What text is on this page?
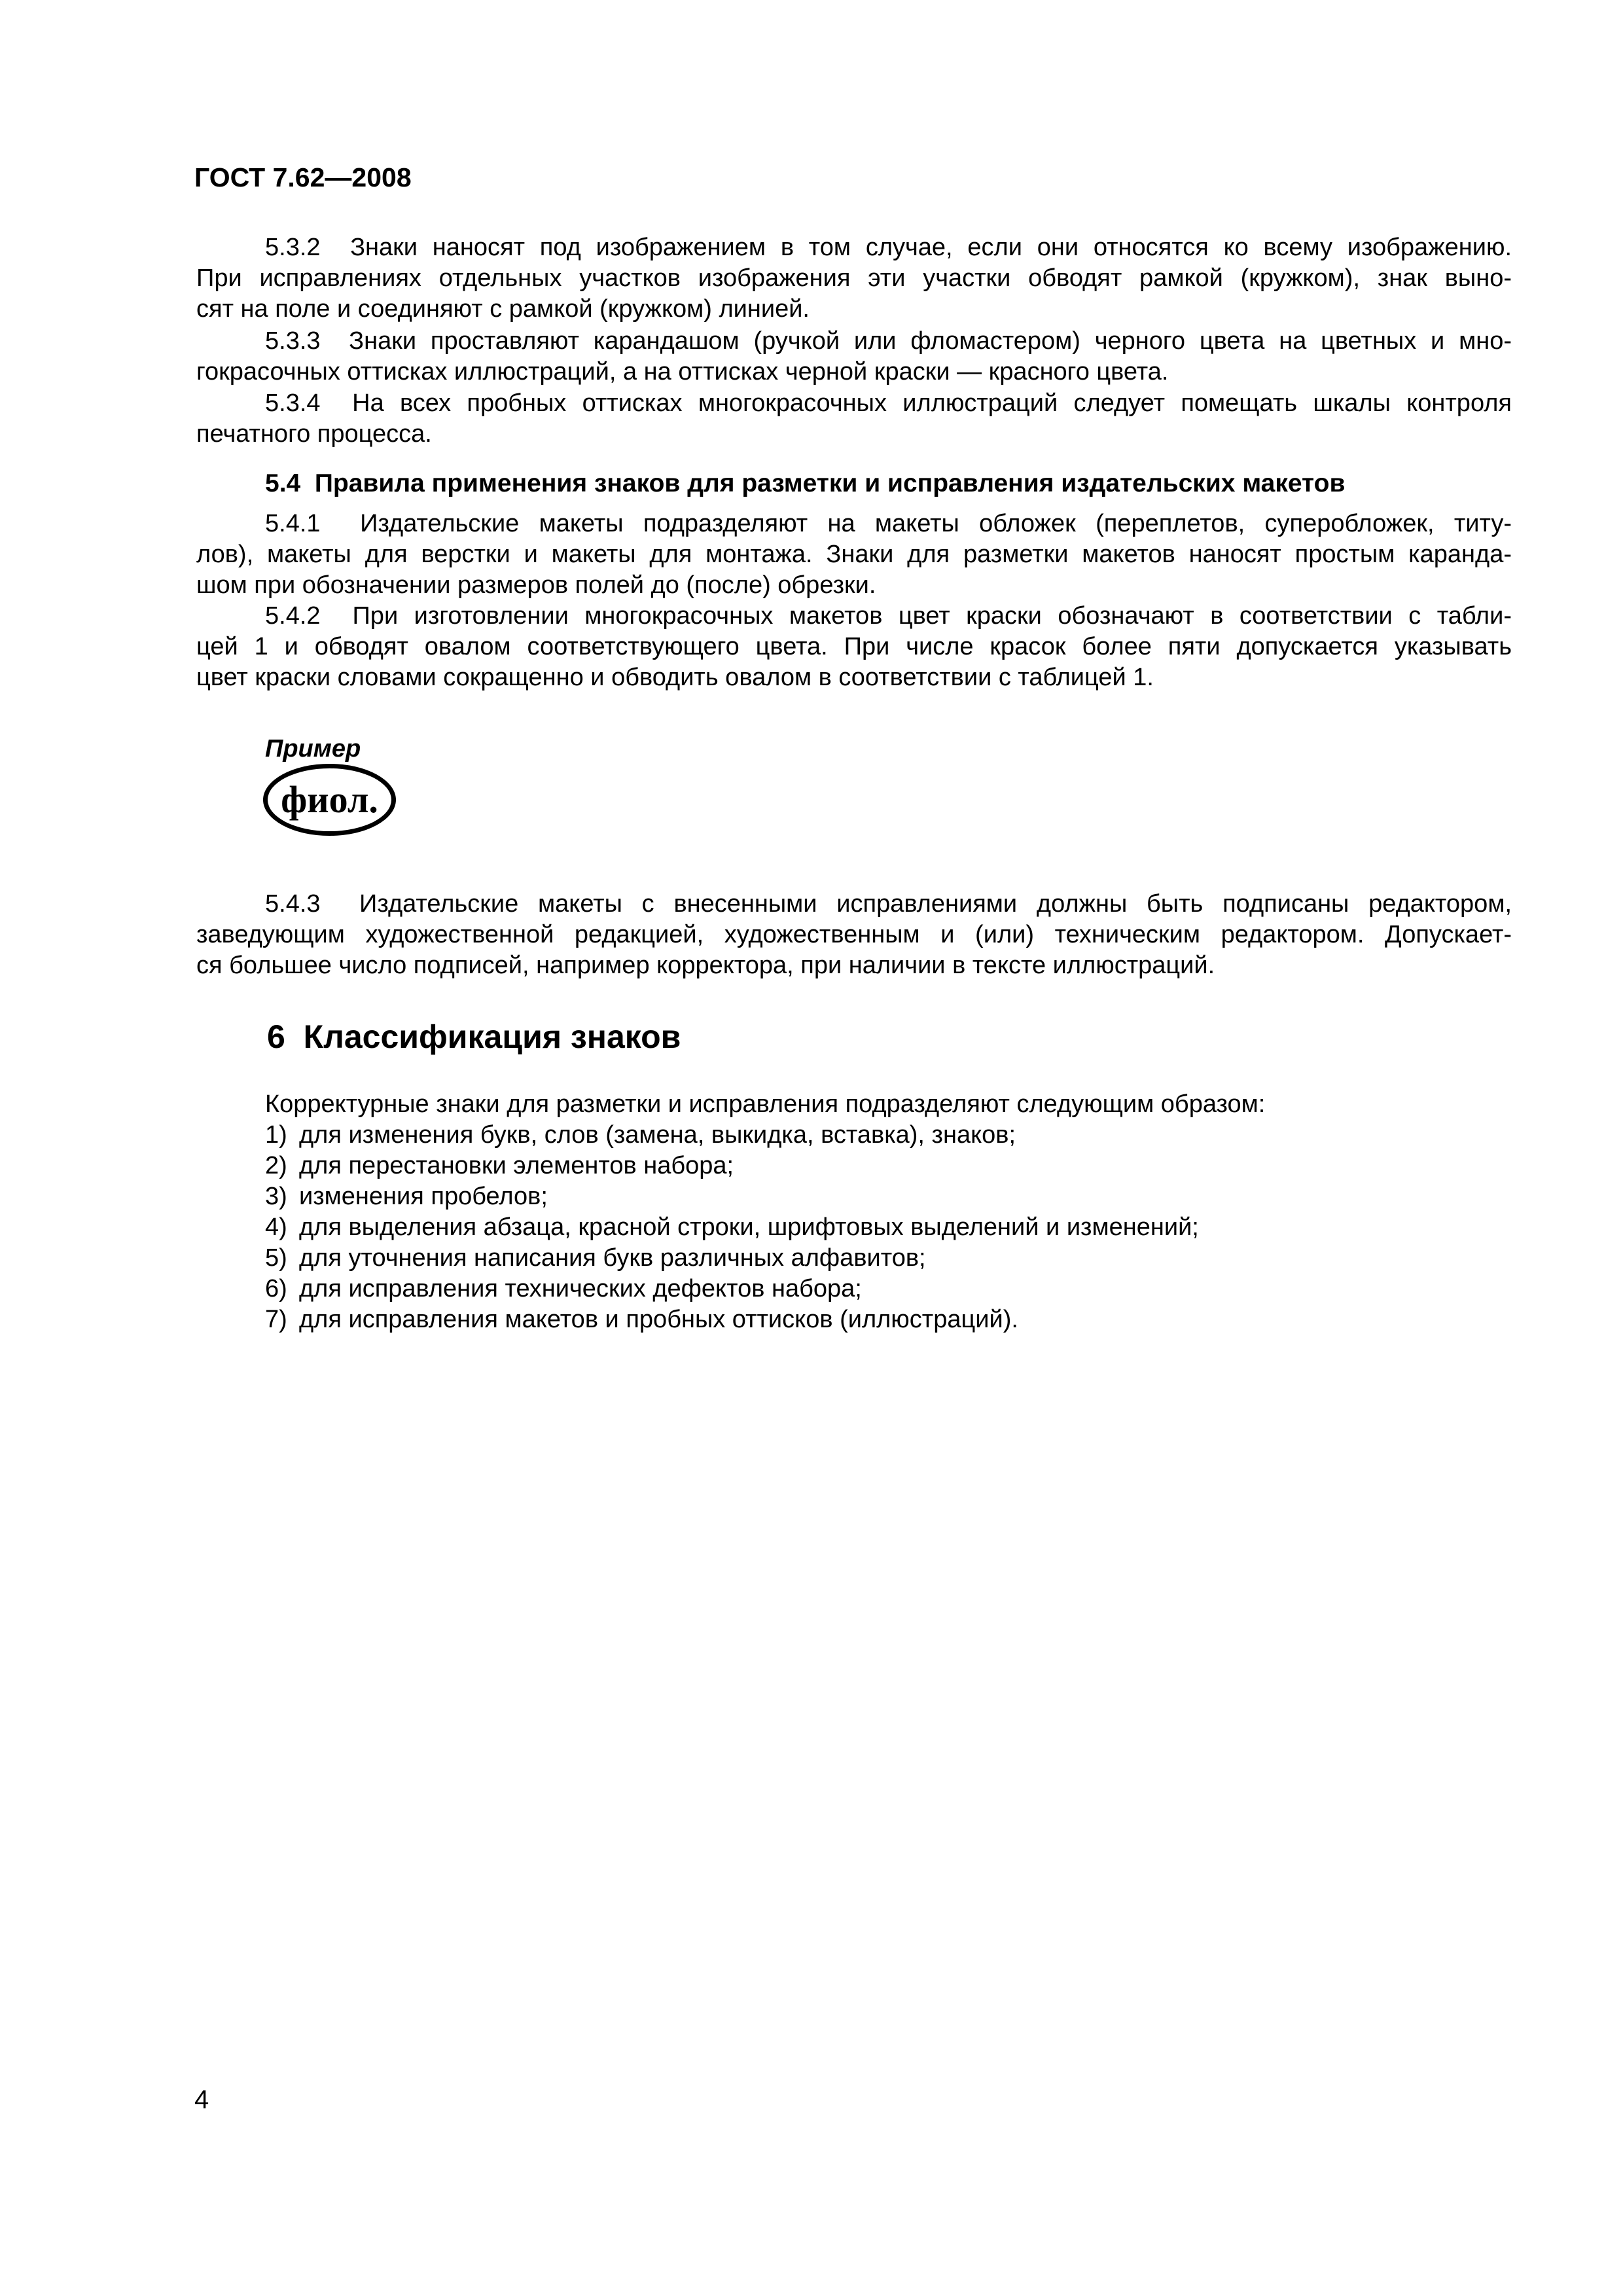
ГОСТ 7.62—2008
5.3.2  Знаки наносят под изображением в том случае, если они относятся ко всему изображению.
При исправлениях отдельных участков изображения эти участки обводят рамкой (кружком), знак выно-
сят на поле и соединяют с рамкой (кружком) линией.
5.3.3  Знаки проставляют карандашом (ручкой или фломастером) черного цвета на цветных и мно-
гокрасочных оттисках иллюстраций, а на оттисках черной краски — красного цвета.
5.3.4  На всех пробных оттисках многокрасочных иллюстраций следует помещать шкалы контроля
печатного процесса.
5.4  Правила применения знаков для разметки и исправления издательских макетов
5.4.1  Издательские макеты подразделяют на макеты обложек (переплетов, суперобложек, титу-
лов), макеты для верстки и макеты для монтажа. Знаки для разметки макетов наносят простым каранда-
шом при обозначении размеров полей до (после) обрезки.
5.4.2  При изготовлении многокрасочных макетов цвет краски обозначают в соответствии с табли-
цей 1 и обводят овалом соответствующего цвета. При числе красок более пяти допускается указывать
цвет краски словами сокращенно и обводить овалом в соответствии с таблицей 1.
Пример
фиол.
5.4.3  Издательские макеты с внесенными исправлениями должны быть подписаны редактором,
заведующим художественной редакцией, художественным и (или) техническим редактором. Допускает-
ся большее число подписей, например корректора, при наличии в тексте иллюстраций.
6  Классификация знаков
Корректурные знаки для разметки и исправления подразделяют следующим образом:
1) для изменения букв, слов (замена, выкидка, вставка), знаков;
2) для перестановки элементов набора;
3) изменения пробелов;
4) для выделения абзаца, красной строки, шрифтовых выделений и изменений;
5) для уточнения написания букв различных алфавитов;
6) для исправления технических дефектов набора;
7) для исправления макетов и пробных оттисков (иллюстраций).
4
